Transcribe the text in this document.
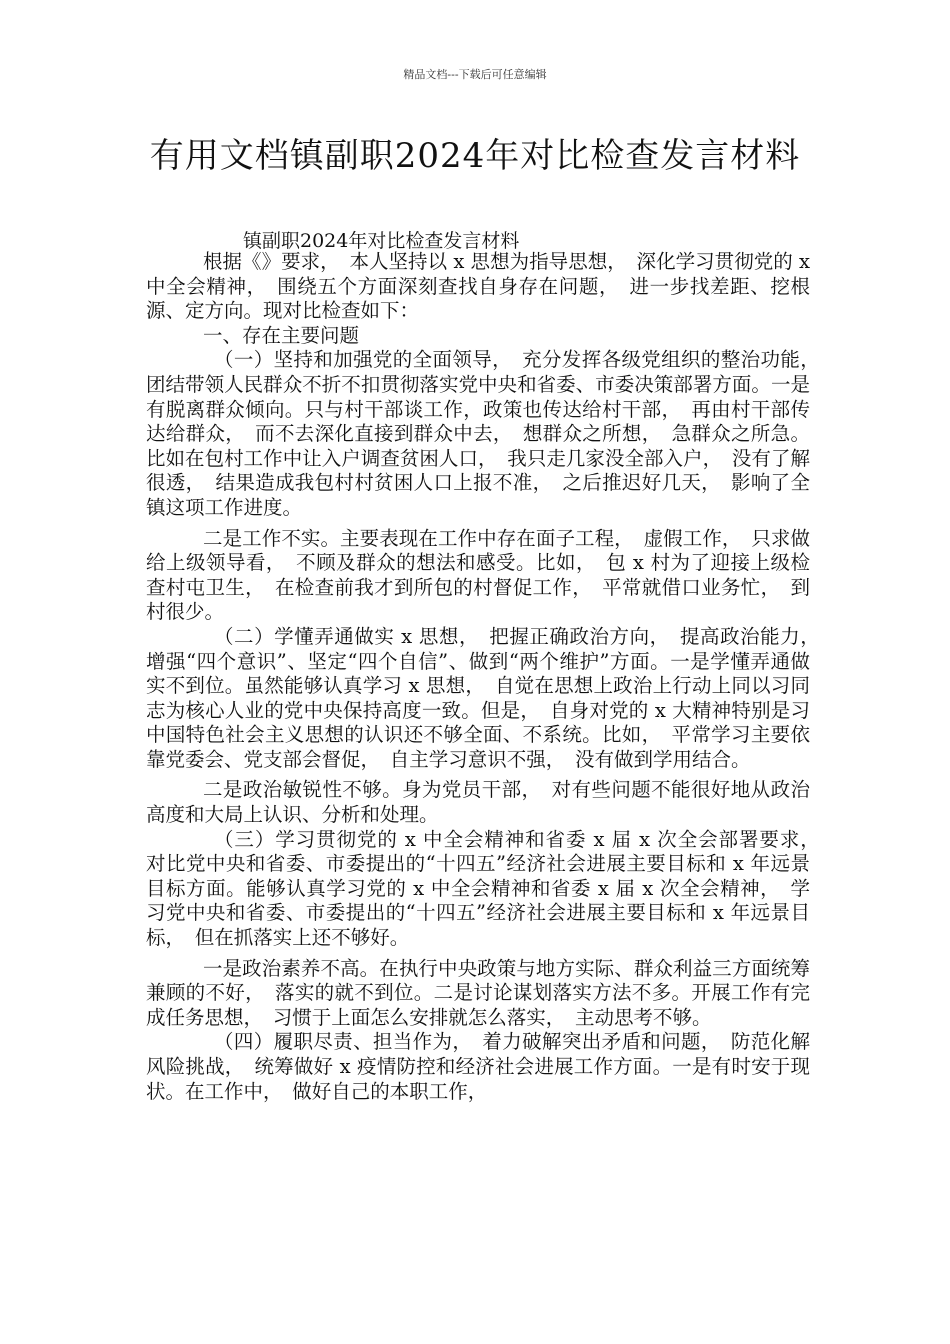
精品文档---下载后可任意编辑
有用文档镇副职2024年对比检查发言材料
镇副职2024年对比检查发言材料

根据《》要求，　本人坚持以 x 思想为指导思想，　深化学习贯彻党的 x 中全会精神，　围绕五个方面深刻查找自身存在问题，　进一步找差距、挖根源、定方向。现对比检查如下：

一、存在主要问题

（一）坚持和加强党的全面领导，　充分发挥各级党组织的整治功能，　团结带领人民群众不折不扣贯彻落实党中央和省委、市委决策部署方面。一是有脱离群众倾向。只与村干部谈工作，政策也传达给村干部，　再由村干部传达给群众，　而不去深化直接到群众中去，　想群众之所想，　急群众之所急。比如在包村工作中让入户调查贫困人口，　我只走几家没全部入户，　没有了解很透，　结果造成我包村村贫困人口上报不准，　之后推迟好几天，　影响了全镇这项工作进度。

二是工作不实。主要表现在工作中存在面子工程，　虚假工作，　只求做给上级领导看，　不顾及群众的想法和感受。比如，　包 x 村为了迎接上级检查村屯卫生，　在检查前我才到所包的村督促工作，　平常就借口业务忙，　到村很少。

（二）学懂弄通做实 x 思想，　把握正确政治方向，　提高政治能力，　增强“四个意识”、坚定“四个自信”、做到“两个维护”方面。一是学懂弄通做实不到位。虽然能够认真学习 x 思想，　自觉在思想上政治上行动上同以习同志为核心人业的党中央保持高度一致。但是，　自身对党的 x 大精神特别是习中国特色社会主义思想的认识还不够全面、不系统。比如，　平常学习主要依靠党委会、党支部会督促，　自主学习意识不强，　没有做到学用结合。

二是政治敏锐性不够。身为党员干部，　对有些问题不能很好地从政治高度和大局上认识、分析和处理。

（三）学习贯彻党的 x 中全会精神和省委 x 届 x 次全会部署要求，　对比党中央和省委、市委提出的“十四五”经济社会进展主要目标和 x 年远景目标方面。能够认真学习党的 x 中全会精神和省委 x 届 x 次全会精神，　学习党中央和省委、市委提出的“十四五”经济社会进展主要目标和 x 年远景目标，　但在抓落实上还不够好。

一是政治素养不高。在执行中央政策与地方实际、群众利益三方面统筹兼顾的不好，　落实的就不到位。二是讨论谋划落实方法不多。开展工作有完成任务思想，　习惯于上面怎么安排就怎么落实，　主动思考不够。

（四）履职尽责、担当作为，　着力破解突出矛盾和问题，　防范化解风险挑战，　统筹做好 x 疫情防控和经济社会进展工作方面。一是有时安于现状。在工作中，　做好自己的本职工作，
